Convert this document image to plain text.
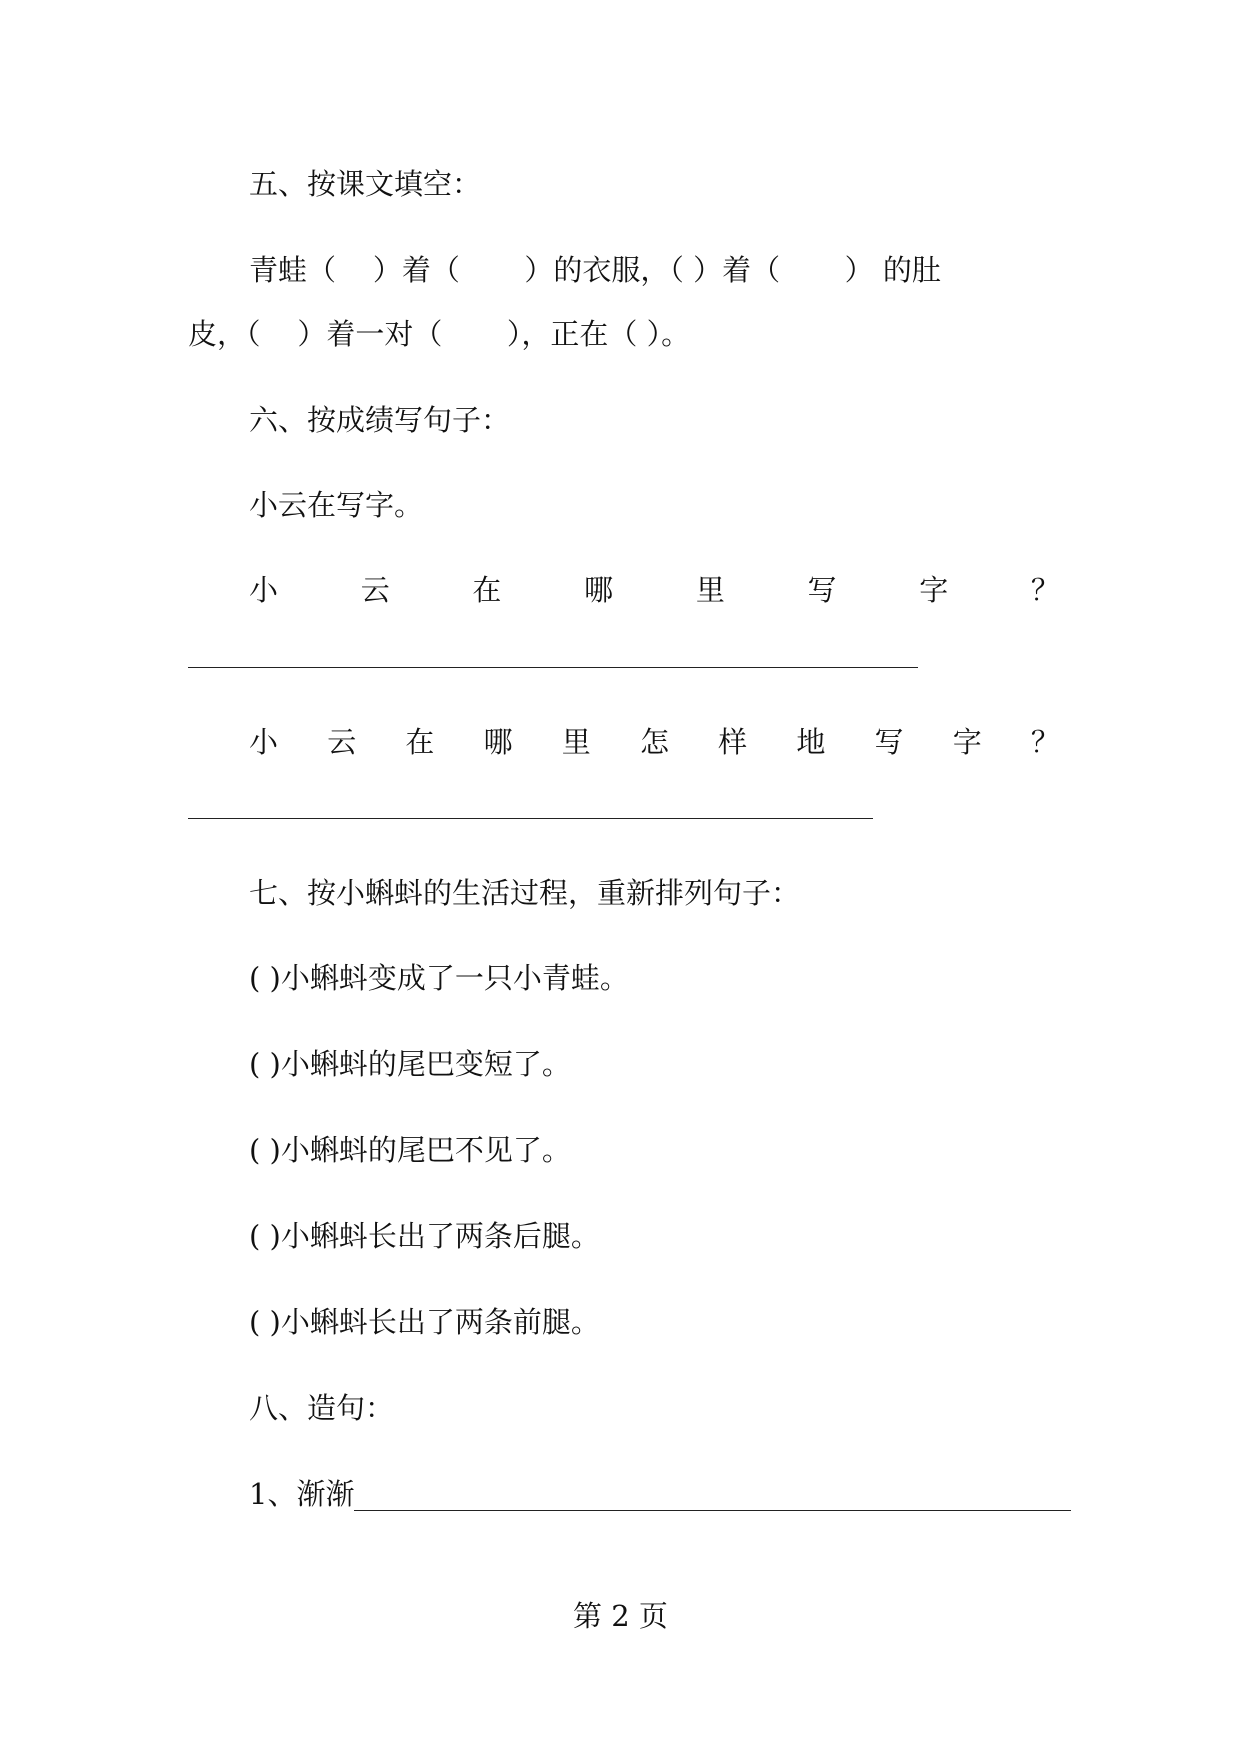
五、按课文填空：
青蛙（    ）着（       ）的衣服，（ ）着（       ） 的肚
皮，（    ）着一对（       ），正在（ ）。
六、按成绩写句子：
小云在写字。
小	云	在	哪	里	写	字	？
小 云 在 哪 里 怎 样 地 写 字 ？
七、按小蝌蚪的生活过程，重新排列句子：
( )小蝌蚪变成了一只小青蛙。
( )小蝌蚪的尾巴变短了。
( )小蝌蚪的尾巴不见了。
( )小蝌蚪长出了两条后腿。
( )小蝌蚪长出了两条前腿。
八、造句：
1、渐渐
第 2 页
